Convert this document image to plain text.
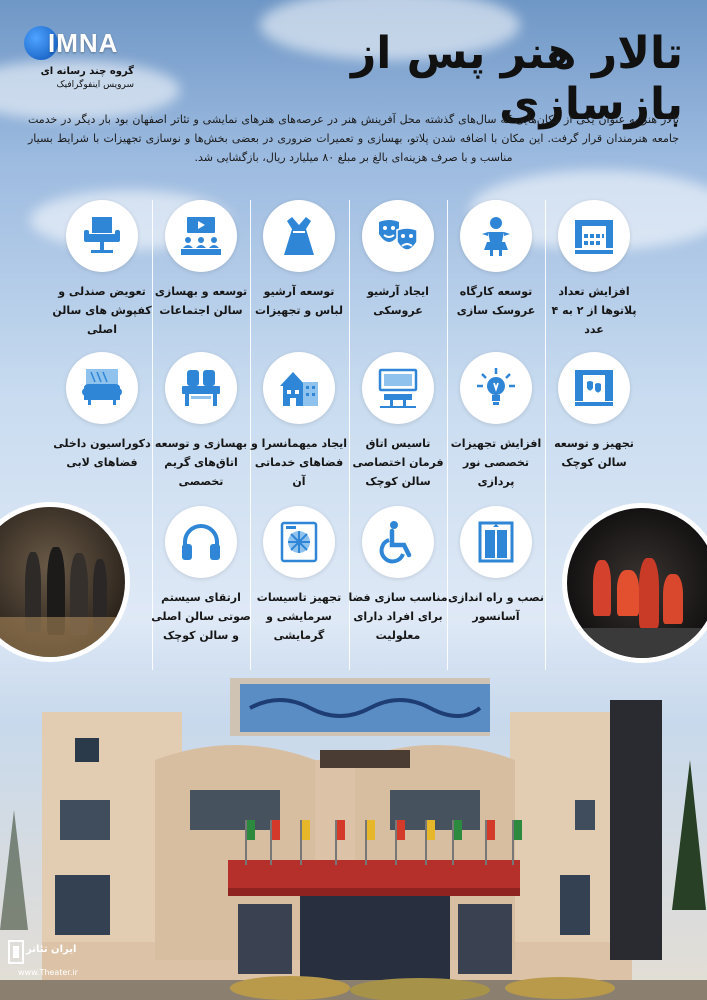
IMNA
گروه چند رسانه ای
سرویس اینفوگرافیک
تالار هنر پس از بازسازی
تالار هنر به عنوان یکی از مکان‌هایی که سال‌های گذشته محل آفرینش هنر در عرصه‌های هنرهای نمایشی و تئاتر اصفهان بود بار دیگر در خدمت جامعه هنرمندان قرار گرفت. این مکان با اضافه شدن پلاتو، بهسازی و تعمیرات ضروری در بعضی بخش‌ها و نوسازی تجهیزات با شرایط بسیار مناسب و با صرف هزینه‌ای بالغ بر مبلغ ۸۰ میلیارد ریال، بازگشایی شد.
افزایش تعداد پلاتوها از ۲ به ۴ عدد
توسعه کارگاه عروسک سازی
ایجاد آرشیو عروسکی
توسعه آرشیو لباس و تجهیزات
توسعه و بهسازی سالن اجتماعات
تعویض صندلی و کفپوش های سالن اصلی
تجهیز و توسعه سالن کوچک
افزایش تجهیزات تخصصی نور پردازی
تاسیس اتاق فرمان اختصاصی سالن کوچک
ایجاد میهمانسرا و فضاهای خدماتی آن
بهسازی و توسعه اتاق‌های گریم تخصصی
دکوراسیون داخلی فضاهای لابی
نصب و راه اندازی آسانسور
مناسب سازی فضا برای افراد دارای معلولیت
تجهیز تاسیسات سرمایشی و گرمایشی
ارتقای سیستم صوتی سالن اصلی و سالن کوچک
ایران تئاتر
www.Theater.ir
